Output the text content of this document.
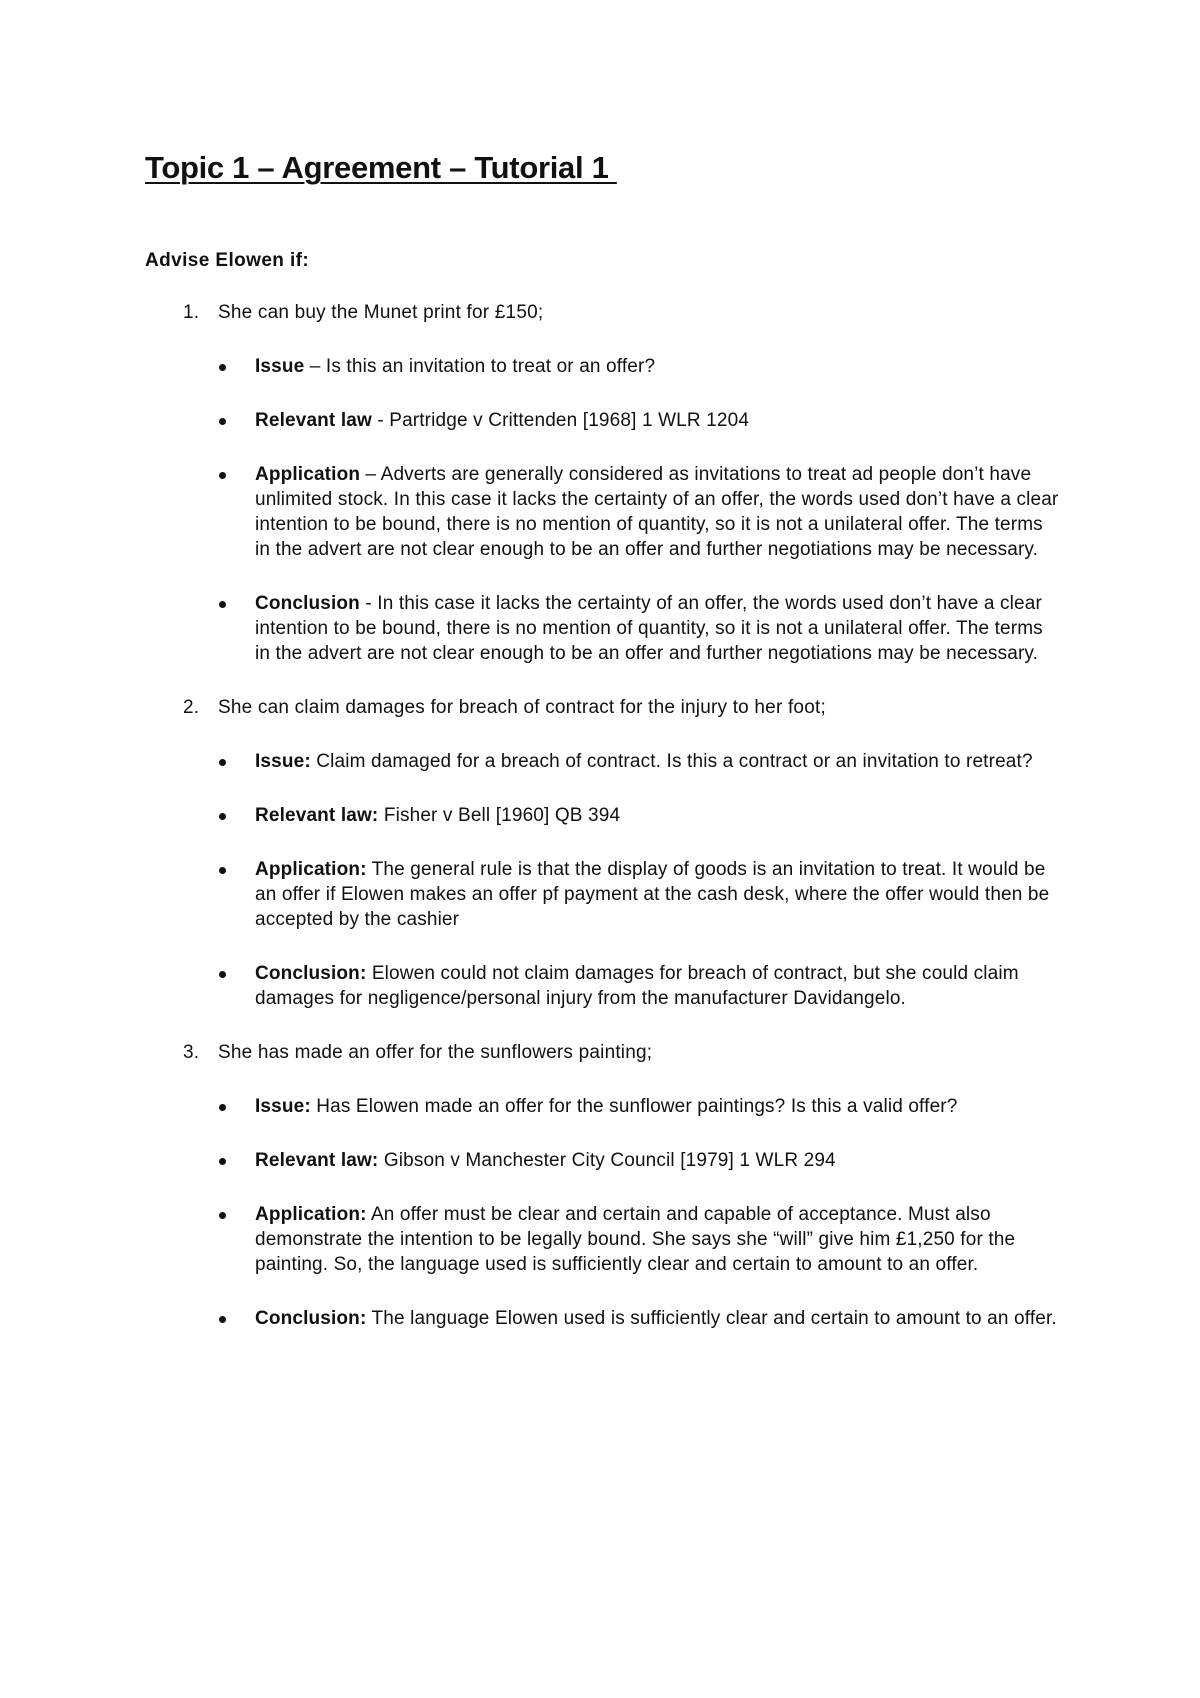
Topic 1 – Agreement – Tutorial 1

Advise Elowen if:

1. She can buy the Munet print for £150;
Issue – Is this an invitation to treat or an offer?
Relevant law - Partridge v Crittenden [1968] 1 WLR 1204
Application – Adverts are generally considered as invitations to treat ad people don’t have unlimited stock. In this case it lacks the certainty of an offer, the words used don’t have a clear intention to be bound, there is no mention of quantity, so it is not a unilateral offer. The terms in the advert are not clear enough to be an offer and further negotiations may be necessary.
Conclusion - In this case it lacks the certainty of an offer, the words used don’t have a clear intention to be bound, there is no mention of quantity, so it is not a unilateral offer. The terms in the advert are not clear enough to be an offer and further negotiations may be necessary.
2. She can claim damages for breach of contract for the injury to her foot;
Issue: Claim damaged for a breach of contract. Is this a contract or an invitation to retreat?
Relevant law: Fisher v Bell [1960] QB 394
Application: The general rule is that the display of goods is an invitation to treat. It would be an offer if Elowen makes an offer pf payment at the cash desk, where the offer would then be accepted by the cashier
Conclusion: Elowen could not claim damages for breach of contract, but she could claim damages for negligence/personal injury from the manufacturer Davidangelo.
3. She has made an offer for the sunflowers painting;
Issue: Has Elowen made an offer for the sunflower paintings? Is this a valid offer?
Relevant law: Gibson v Manchester City Council [1979] 1 WLR 294
Application: An offer must be clear and certain and capable of acceptance. Must also demonstrate the intention to be legally bound. She says she “will” give him £1,250 for the painting. So, the language used is sufficiently clear and certain to amount to an offer.
Conclusion: The language Elowen used is sufficiently clear and certain to amount to an offer.
